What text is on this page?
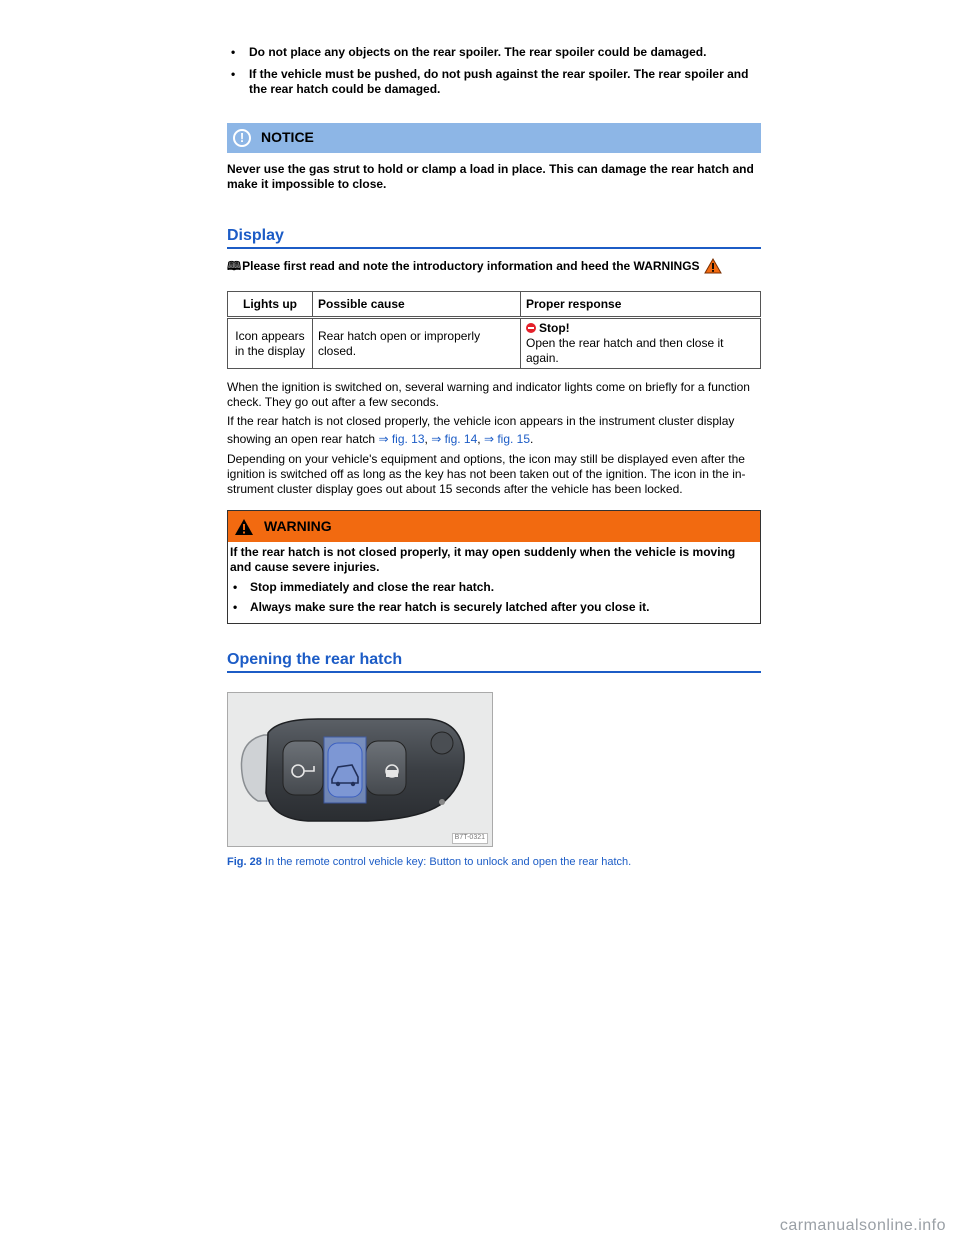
• Do not place any objects on the rear spoiler. The rear spoiler could be damaged.
• If the vehicle must be pushed, do not push against the rear spoiler. The rear spoiler and the rear hatch could be damaged.
!	NOTICE
Never use the gas strut to hold or clamp a load in place. This can damage the rear hatch and make it impossible to close.
Display
🕮 Please first read and note the introductory information and heed the WARNINGS
Lights up	Possible cause	Proper response
Icon appears in the display	Rear hatch open or improperly closed.	Stop!
Open the rear hatch and then close it again.
When the ignition is switched on, several warning and indicator lights come on briefly for a function check. They go out after a few seconds.
If the rear hatch is not closed properly, the vehicle icon appears in the instrument cluster display
showing an open rear hatch ⇒ fig. 13, ⇒ fig. 14, ⇒ fig. 15.
Depending on your vehicle's equipment and options, the icon may still be displayed even after the ignition is switched off as long as the key has not been taken out of the ignition. The icon in the in- strument cluster display goes out about 15 seconds after the vehicle has been locked.
WARNING

If the rear hatch is not closed properly, it may open suddenly when the vehicle is moving and cause severe injuries.

• Stop immediately and close the rear hatch.
• Always make sure the rear hatch is securely latched after you close it.
Opening the rear hatch
B7T-0321
Fig. 28 In the remote control vehicle key: Button to unlock and open the rear hatch.
carmanualsonline.info
